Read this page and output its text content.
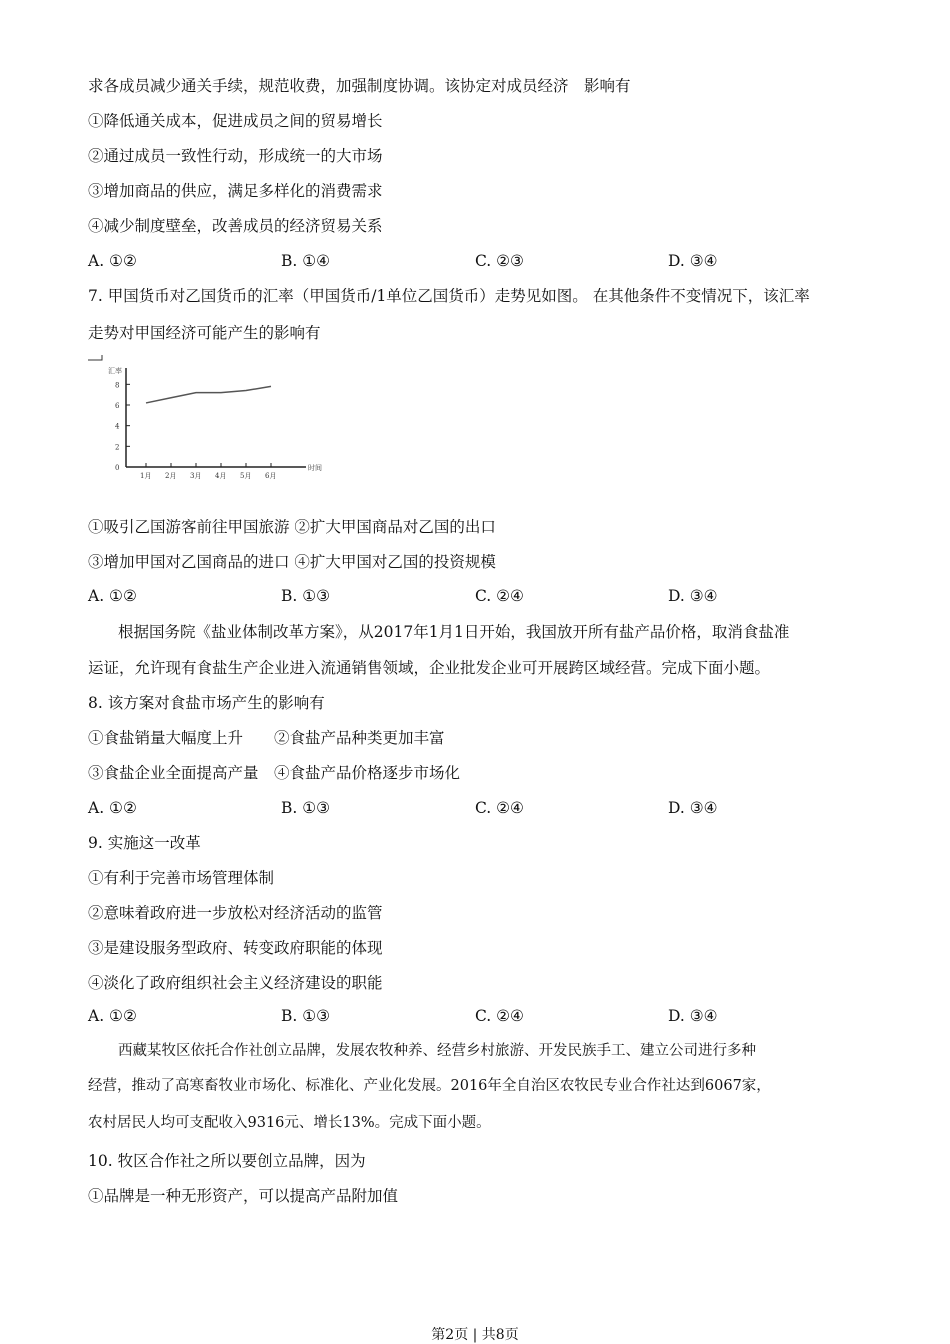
求各成员减少通关手续，规范收费，加强制度协调。该协定对成员经济　影响有
①降低通关成本，促进成员之间的贸易增长
②通过成员一致性行动，形成统一的大市场
③增加商品的供应，满足多样化的消费需求
④减少制度壁垒，改善成员的经济贸易关系
A. ①②	B. ①④	C. ②③	D. ③④
7. 甲国货币对乙国货币的汇率（甲国货币/1单位乙国货币）走势见如图。 在其他条件不变情况下，该汇率
走势对甲国经济可能产生的影响有
汇率
时间
0
2
4
6
8
1月 2月 3月 4月 5月 6月
①吸引乙国游客前往甲国旅游 ②扩大甲国商品对乙国的出口
③增加甲国对乙国商品的进口 ④扩大甲国对乙国的投资规模
A. ①②	B. ①③	C. ②④	D. ③④
根据国务院《盐业体制改革方案》，从2017年1月1日开始，我国放开所有盐产品价格，取消食盐准
运证，允许现有食盐生产企业进入流通销售领域，企业批发企业可开展跨区域经营。完成下面小题。
8. 该方案对食盐市场产生的影响有
①食盐销量大幅度上升　　②食盐产品种类更加丰富
③食盐企业全面提高产量　④食盐产品价格逐步市场化
A. ①②	B. ①③	C. ②④	D. ③④
9. 实施这一改革
①有利于完善市场管理体制
②意味着政府进一步放松对经济活动的监管
③是建设服务型政府、转变政府职能的体现
④淡化了政府组织社会主义经济建设的职能
A. ①②	B. ①③	C. ②④	D. ③④
西藏某牧区依托合作社创立品牌，发展农牧种养、经营乡村旅游、开发民族手工、建立公司进行多种
经营，推动了高寒畜牧业市场化、标准化、产业化发展。2016年全自治区农牧民专业合作社达到6067家，
农村居民人均可支配收入9316元、增长13%。完成下面小题。
10. 牧区合作社之所以要创立品牌，因为
①品牌是一种无形资产，可以提高产品附加值
第2页 | 共8页
